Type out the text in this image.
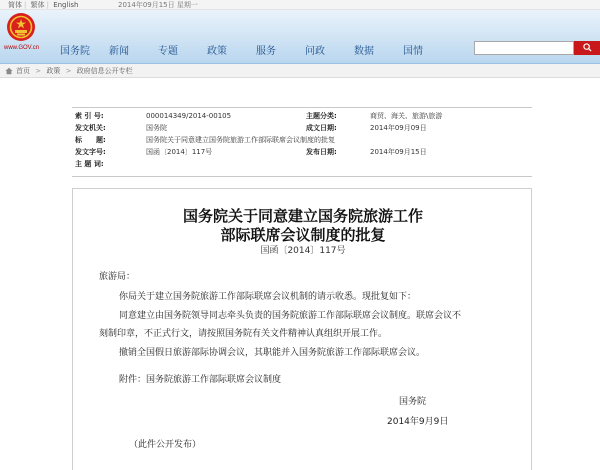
简体 | 繁体 | English	2014年09月15日 星期一
www.GOV.cn 国务院	新闻	专题	政策	服务	问政	数据	国情
首页 > 政策 > 政府信息公开专栏
索 引 号:	000014349/2014-00105	主题分类:	商贸、海关、旅游\旅游
发文机关:	国务院	成文日期:	2014年09月09日
标　　题:	国务院关于同意建立国务院旅游工作部际联席会议制度的批复
发文字号:	国函〔2014〕117号	发布日期:	2014年09月15日
主 题 词:
国务院关于同意建立国务院旅游工作
部际联席会议制度的批复
国函〔2014〕117号
旅游局：
你局关于建立国务院旅游工作部际联席会议机制的请示收悉。现批复如下：
同意建立由国务院领导同志牵头负责的国务院旅游工作部际联席会议制度。联席会议不
刻制印章，不正式行文，请按照国务院有关文件精神认真组织开展工作。
撤销全国假日旅游部际协调会议，其职能并入国务院旅游工作部际联席会议。
附件：国务院旅游工作部际联席会议制度
国务院
2014年9月9日
（此件公开发布）
